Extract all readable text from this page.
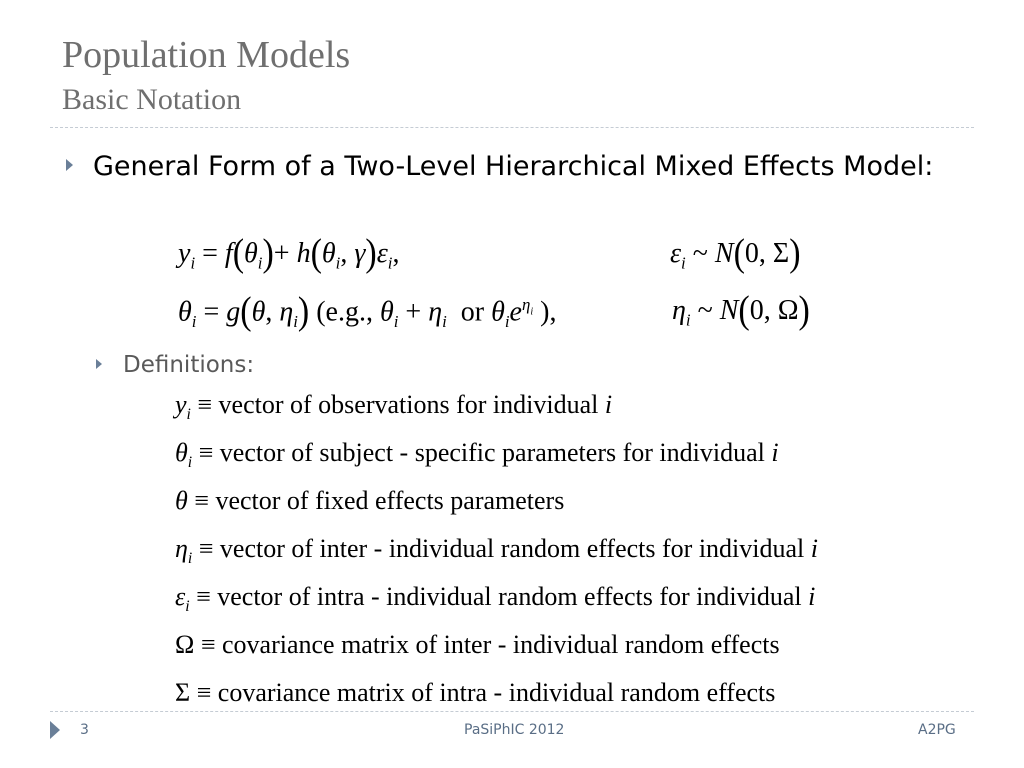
Population Models
Basic Notation
General Form of a Two-Level Hierarchical Mixed Effects Model:
$y_i = f(\theta_i)+ h(\theta_i$, $\gamma)\varepsilon_i$,	$\varepsilon_i$ ~ N(0, Σ)
$\theta_i = g(\theta$, $\eta_i$) (e.g., $\theta_i + \eta_i$  or $\theta_ie^{\eta_i}$ ),	$\eta_i$ ~ N(0, Ω)
Definitions:
$y_i$ ≡ vector of observations for individual i
$\theta_i$ ≡ vector of subject - specific parameters for individual i
θ ≡ vector of fixed effects parameters
$\eta_i$ ≡ vector of inter - individual random effects for individual i
$\varepsilon_i$ ≡ vector of intra - individual random effects for individual i
Ω ≡ covariance matrix of inter - individual random effects
Σ ≡ covariance matrix of intra - individual random effects
3	PaSiPhIC 2012	A2PG
